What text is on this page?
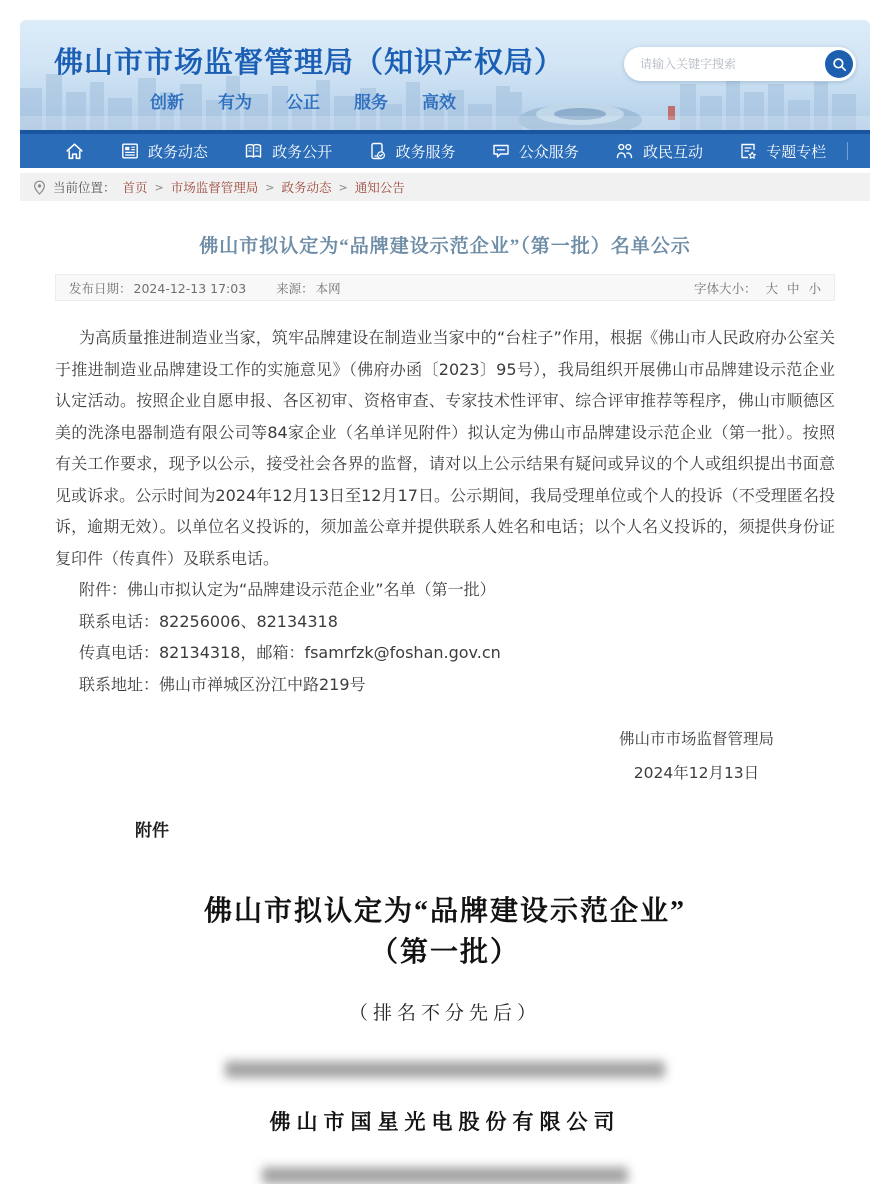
佛山市市场监督管理局（知识产权局）
创新 有为 公正 服务 高效
请输入关键字搜索
政务动态	政务公开	政务服务	公众服务	政民互动	专题专栏
当前位置： 首页 > 市场监督管理局 > 政务动态 > 通知公告
佛山市拟认定为“品牌建设示范企业”（第一批）名单公示
发布日期： 2024-12-13 17:03 来源： 本网	字体大小： 大 中 小

为高质量推进制造业当家，筑牢品牌建设在制造业当家中的“台柱子”作用，根据《佛山市人民政府办公室关于推进制造业品牌建设工作的实施意见》（佛府办函〔2023〕95号），我局组织开展佛山市品牌建设示范企业认定活动。按照企业自愿申报、各区初审、资格审查、专家技术性评审、综合评审推荐等程序，佛山市顺德区美的洗涤电器制造有限公司等84家企业（名单详见附件）拟认定为佛山市品牌建设示范企业（第一批）。按照有关工作要求，现予以公示，接受社会各界的监督，请对以上公示结果有疑问或异议的个人或组织提出书面意见或诉求。公示时间为2024年12月13日至12月17日。公示期间，我局受理单位或个人的投诉（不受理匿名投诉，逾期无效）。以单位名义投诉的，须加盖公章并提供联系人姓名和电话；以个人名义投诉的，须提供身份证复印件（传真件）及联系电话。

附件：佛山市拟认定为“品牌建设示范企业”名单（第一批）

联系电话：82256006、82134318

传真电话：82134318，邮箱：fsamrfzk@foshan.gov.cn

联系地址：佛山市禅城区汾江中路219号

佛山市市场监督管理局
2024年12月13日
附件
佛山市拟认定为“品牌建设示范企业”
（第一批）
（排名不分先后）
佛山市国星光电股份有限公司
